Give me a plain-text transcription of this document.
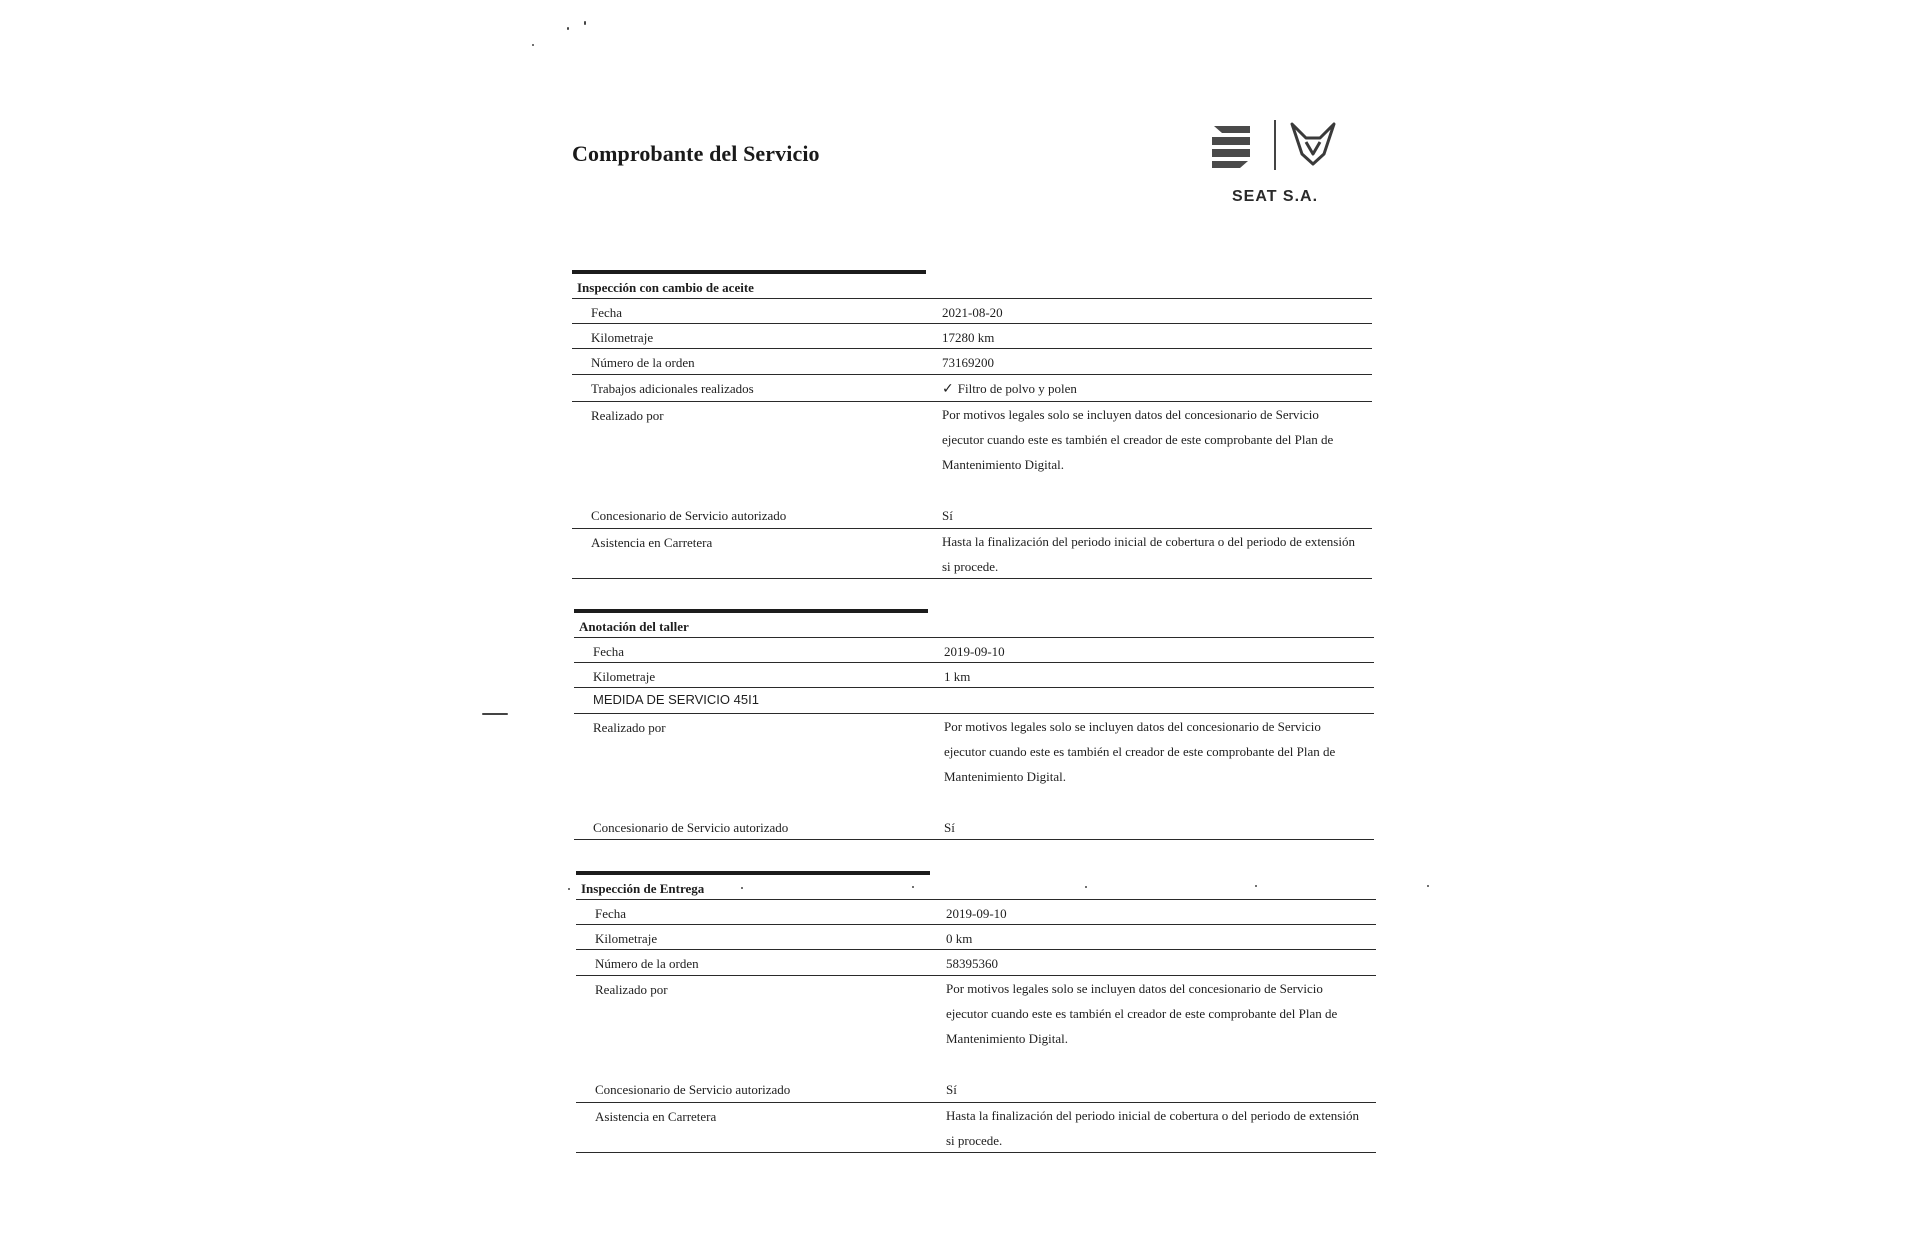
Comprobante del Servicio
SEAT S.A.
Inspección con cambio de aceite
Fecha	2021-08-20
Kilometraje	17280 km
Número de la orden	73169200
Trabajos adicionales realizados	✓ Filtro de polvo y polen
Realizado por	Por motivos legales solo se incluyen datos del concesionario de Servicio
ejecutor cuando este es también el creador de este comprobante del Plan de
Mantenimiento Digital.
Concesionario de Servicio autorizado	Sí
Asistencia en Carretera	Hasta la finalización del periodo inicial de cobertura o del periodo de extensión
si procede.
Anotación del taller
Fecha	2019-09-10
Kilometraje	1 km
MEDIDA DE SERVICIO 45I1
Realizado por	Por motivos legales solo se incluyen datos del concesionario de Servicio
ejecutor cuando este es también el creador de este comprobante del Plan de
Mantenimiento Digital.
Concesionario de Servicio autorizado	Sí
Inspección de Entrega
Fecha	2019-09-10
Kilometraje	0 km
Número de la orden	58395360
Realizado por	Por motivos legales solo se incluyen datos del concesionario de Servicio
ejecutor cuando este es también el creador de este comprobante del Plan de
Mantenimiento Digital.
Concesionario de Servicio autorizado	Sí
Asistencia en Carretera	Hasta la finalización del periodo inicial de cobertura o del periodo de extensión
si procede.
